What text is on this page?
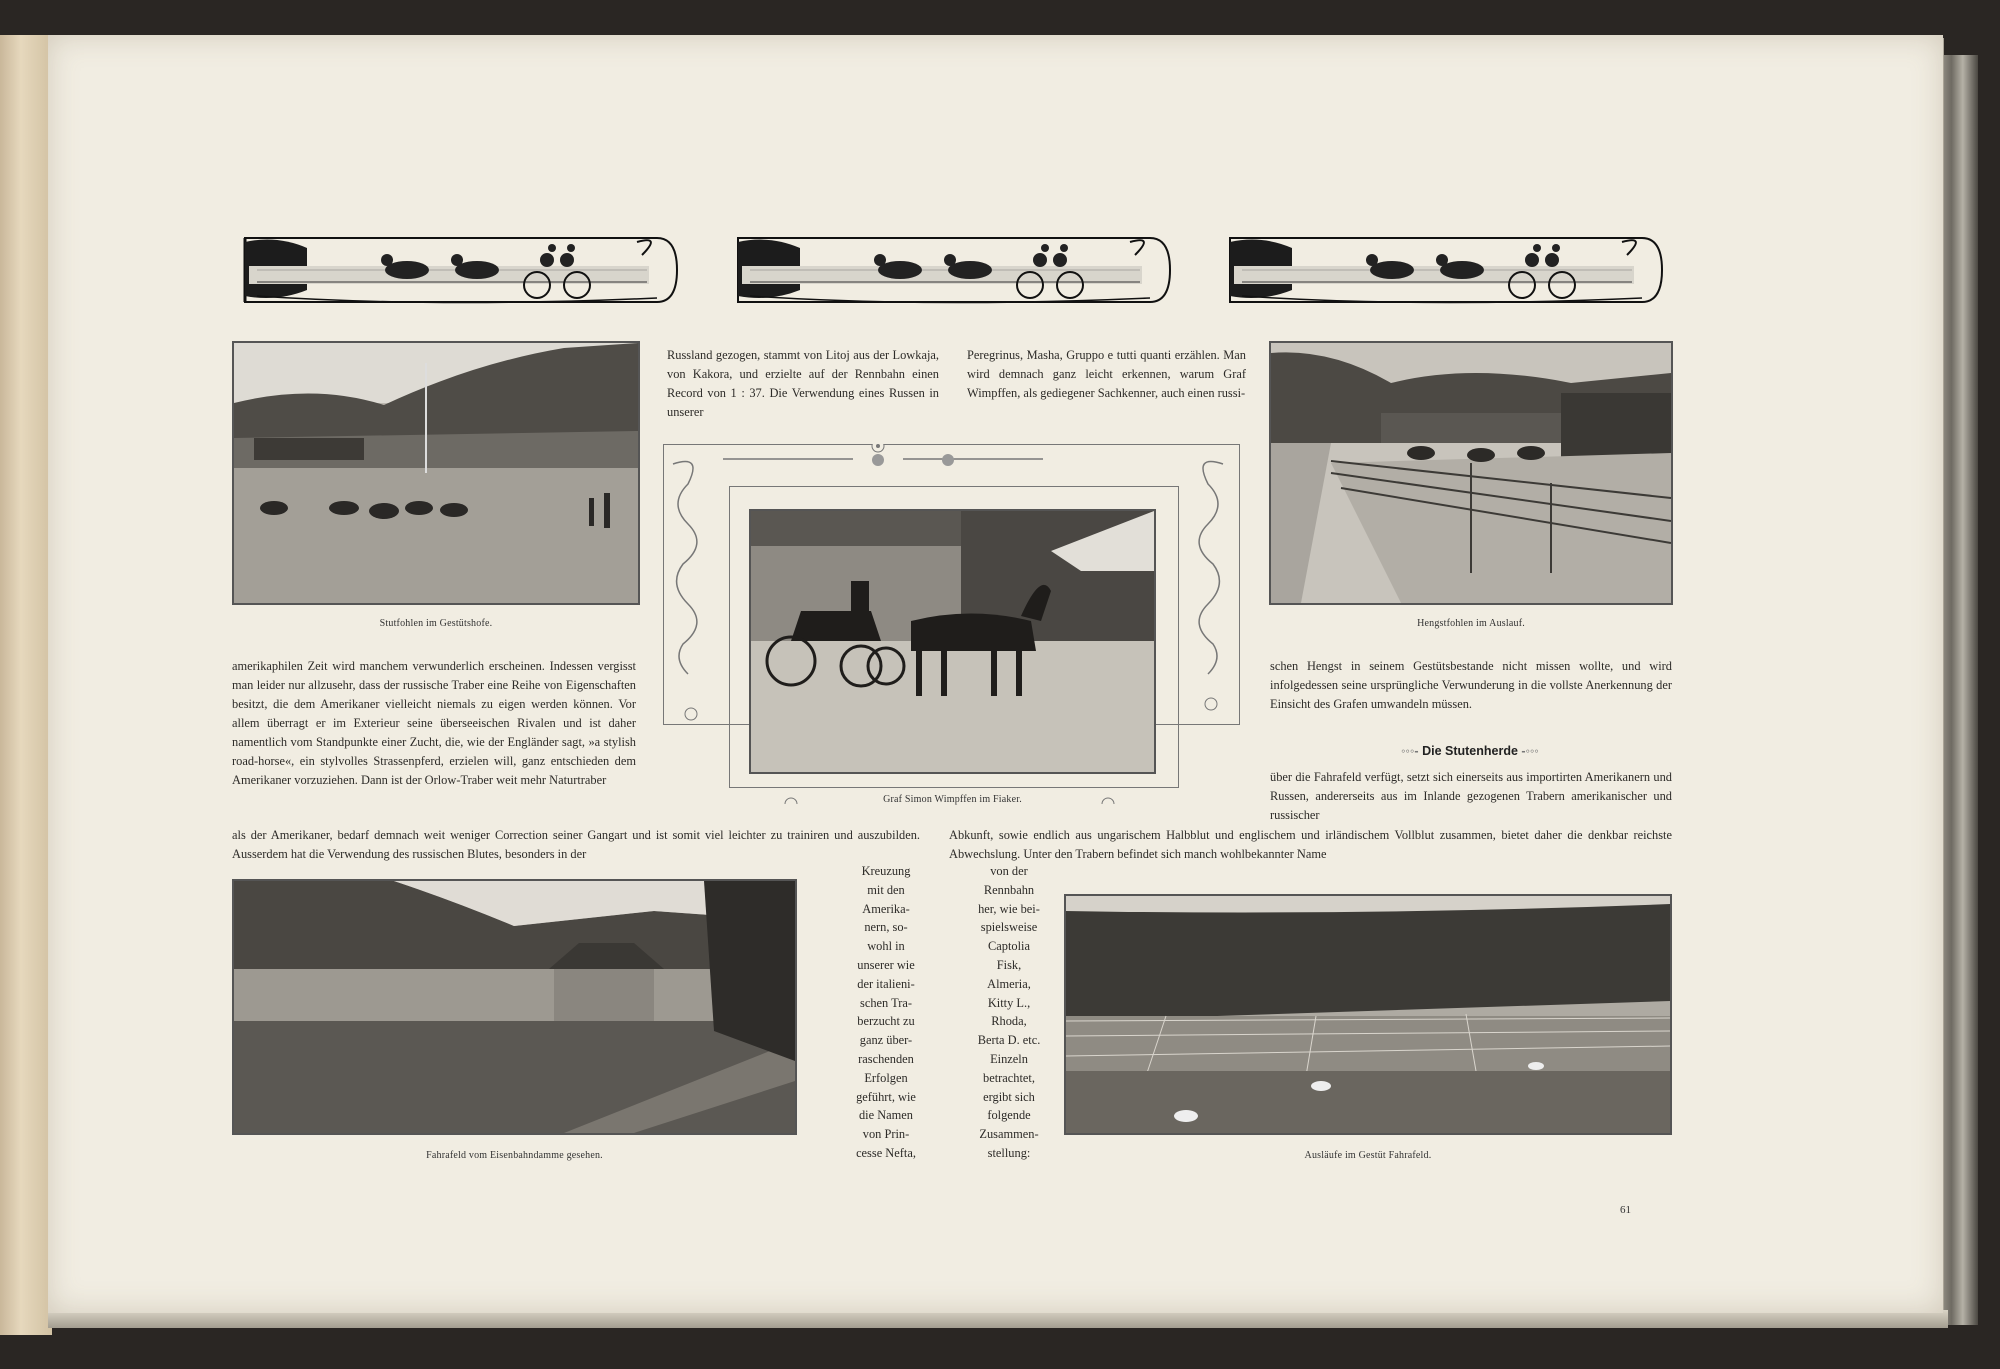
Stutfohlen im Gestütshofe.	Hengstfohlen im Auslauf.
Graf Simon Wimpffen im Fiaker.
Fahrafeld vom Eisenbahndamme gesehen.	Ausläufe im Gestüt Fahrafeld.
Russland gezogen, stammt von Litoj aus der Lowkaja, von Kakora, und erzielte auf der Rennbahn einen Record von 1 : 37. Die Verwendung eines Russen in unserer
Peregrinus, Masha, Gruppo e tutti quanti erzählen. Man wird demnach ganz leicht erkennen, warum Graf Wimpffen, als gediegener Sachkenner, auch einen russi-
amerikaphilen Zeit wird manchem verwunderlich erscheinen. Indessen vergisst man leider nur allzusehr, dass der russische Traber eine Reihe von Eigenschaften besitzt, die dem Amerikaner vielleicht niemals zu eigen werden können. Vor allem überragt er im Exterieur seine überseeischen Rivalen und ist daher namentlich vom Standpunkte einer Zucht, die, wie der Engländer sagt, »a stylish road-horse«, ein stylvolles Strassenpferd, erzielen will, ganz entschieden dem Amerikaner vorzuziehen. Dann ist der Orlow-Traber weit mehr Naturtraber
als der Amerikaner, bedarf demnach weit weniger Correction seiner Gangart und ist somit viel leichter zu trainiren und auszubilden. Ausserdem hat die Verwendung des russischen Blutes, besonders in der
schen Hengst in seinem Gestütsbestande nicht missen wollte, und wird infolgedessen seine ursprüngliche Verwunderung in die vollste Anerkennung der Einsicht des Grafen umwandeln müssen.
◦◦◦- Die Stutenherde -◦◦◦
über die Fahrafeld verfügt, setzt sich einerseits aus importirten Amerikanern und Russen, andererseits aus im Inlande gezogenen Trabern amerikanischer und russischer
Abkunft, sowie endlich aus ungarischem Halbblut und englischem und irländischem Vollblut zusammen, bietet daher die denkbar reichste Abwechslung. Unter den Trabern befindet sich manch wohlbekannter Name
Kreuzung
mit den
Amerika-
nern, so-
wohl in
unserer wie
der italieni-
schen Tra-
berzucht zu
ganz über-
raschenden
Erfolgen
geführt, wie
die Namen
von Prin-
cesse Nefta,
von der
Rennbahn
her, wie bei-
spielsweise
Captolia
Fisk,
Almeria,
Kitty L.,
Rhoda,
Berta D. etc.
Einzeln
betrachtet,
ergibt sich
folgende
Zusammen-
stellung:
61
